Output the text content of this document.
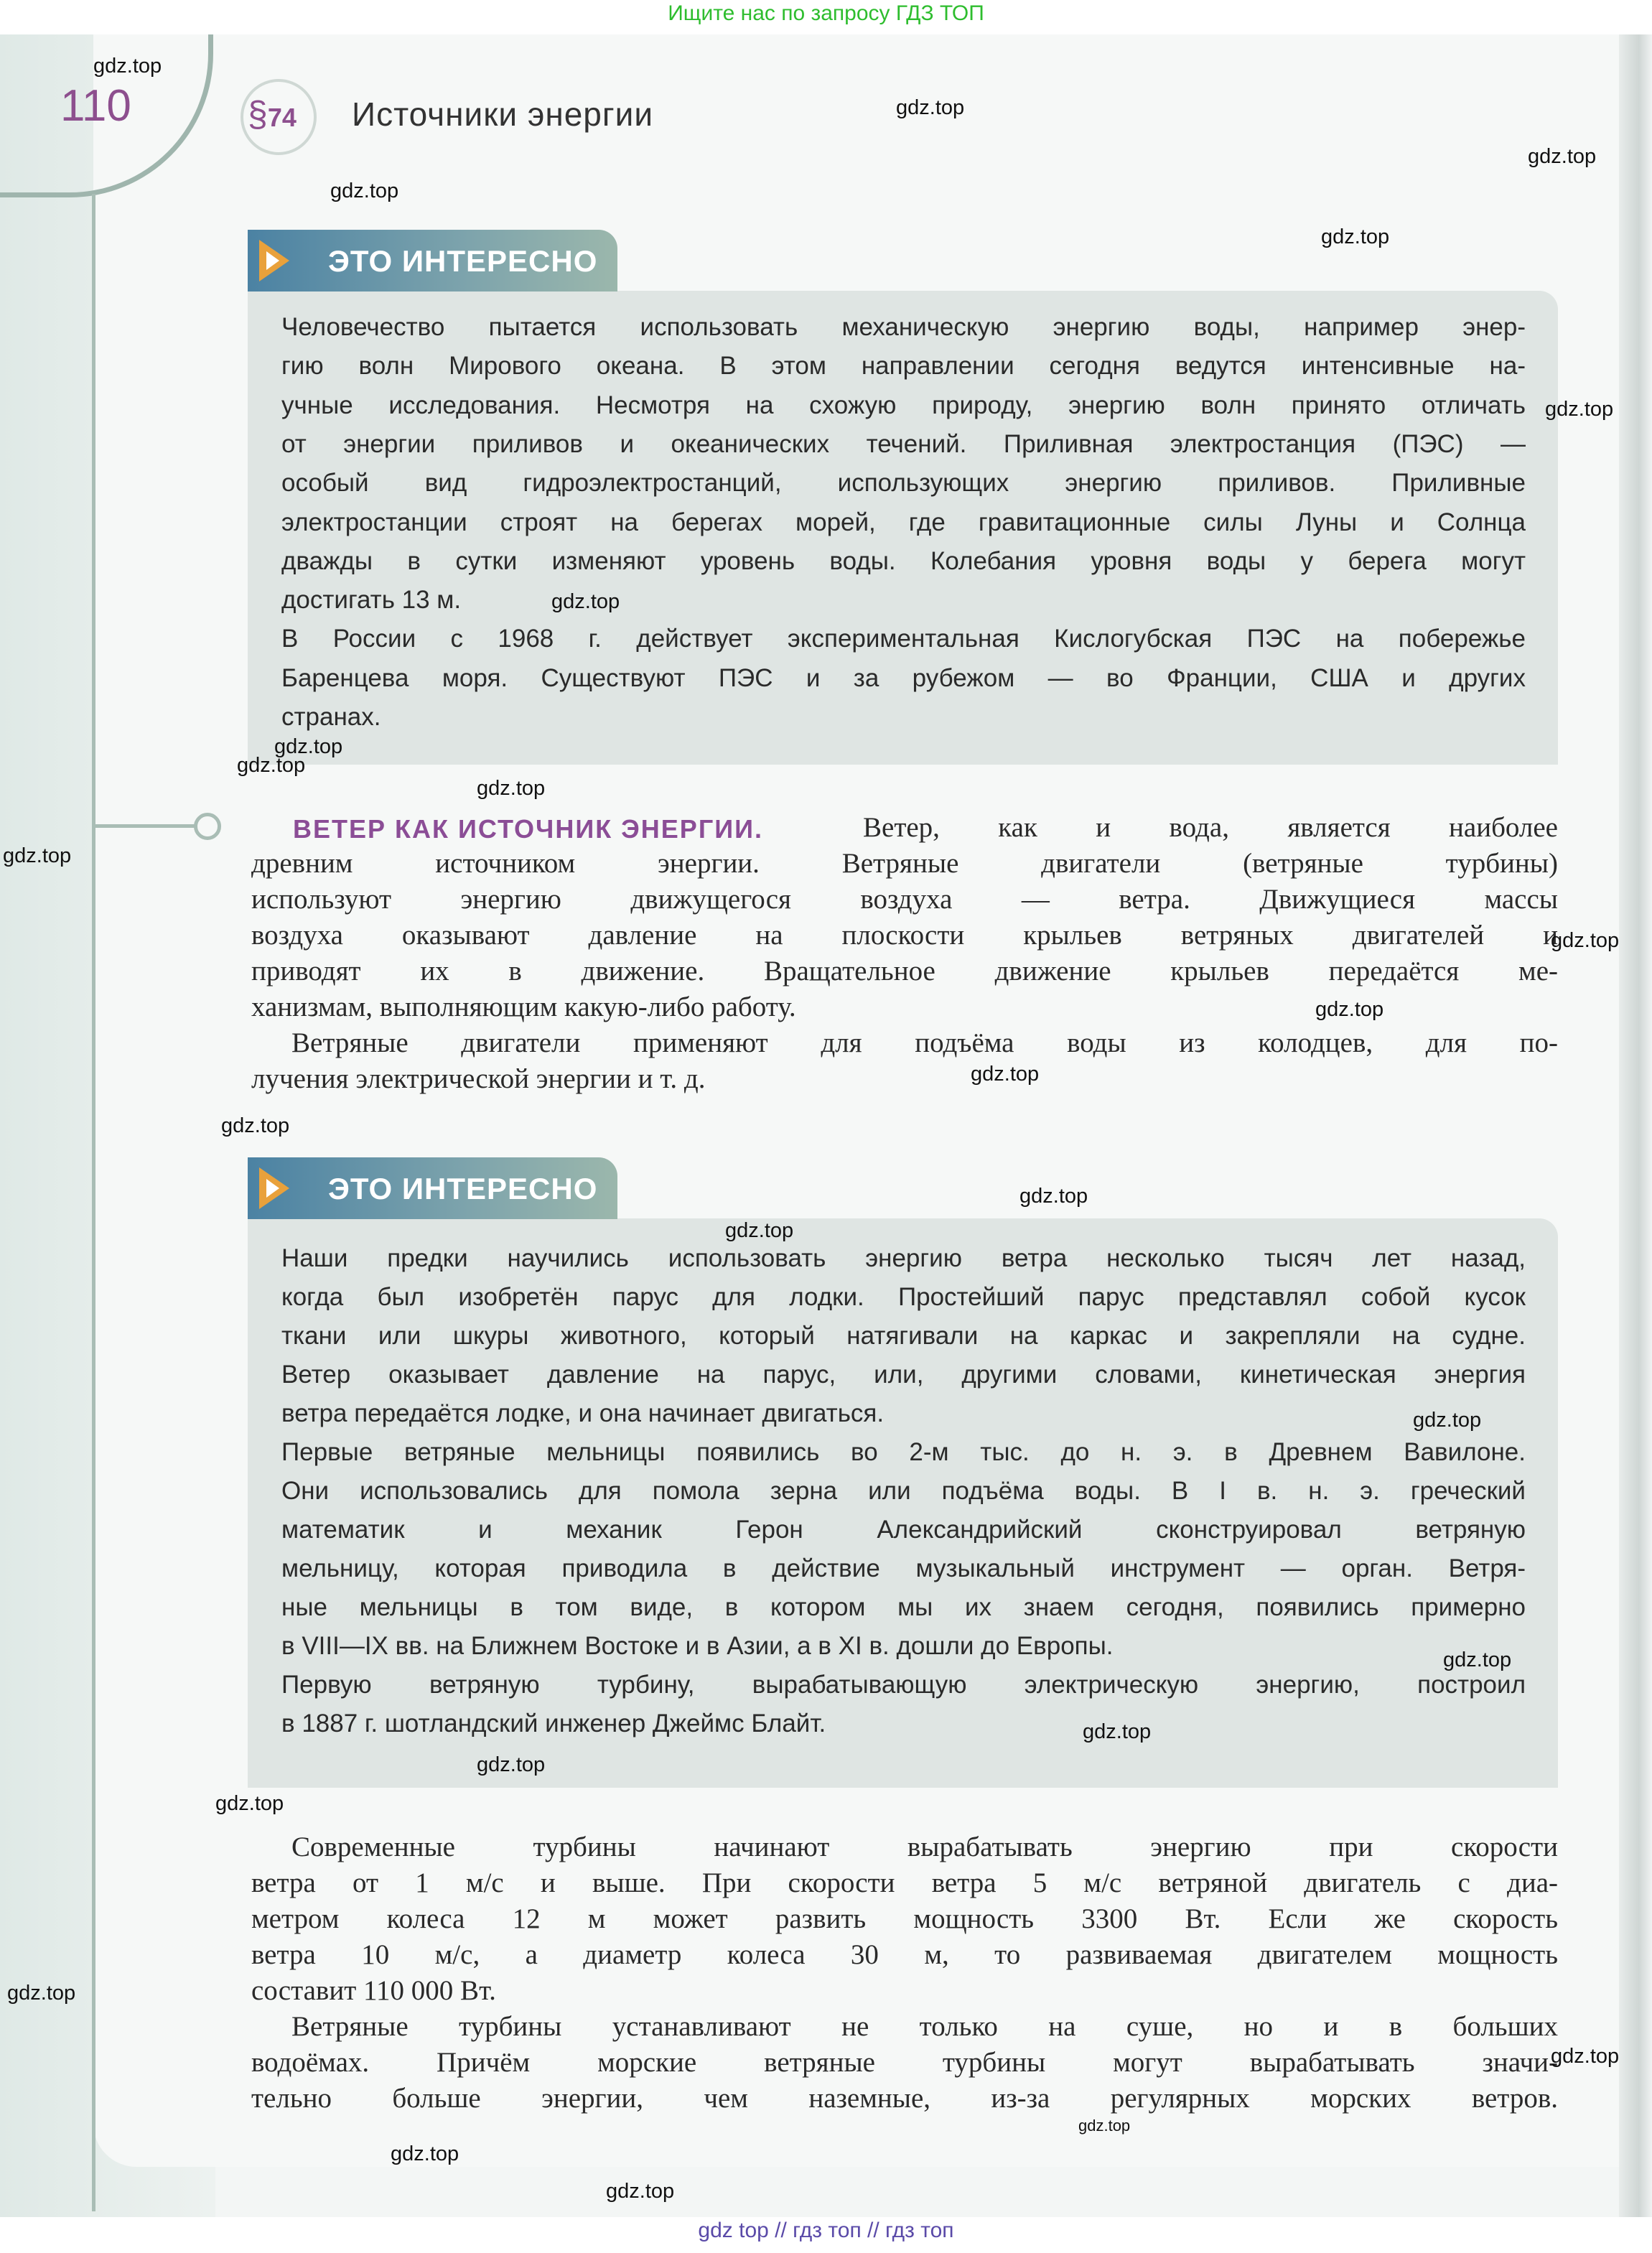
Ищите нас по запросу ГДЗ ТОП
110	§74 Источники энергии
ЭТО ИНТЕРЕСНО
ЭТО ИНТЕРЕСНО
Человечество пытается использовать механическую энергию воды, например энер-
гию волн Мирового океана. В этом направлении сегодня ведутся интенсивные на-
учные исследования. Несмотря на схожую природу, энергию волн принято отличать
от энергии приливов и океанических течений. Приливная электростанция (ПЭС) —
особый вид гидроэлектростанций, использующих энергию приливов. Приливные
электростанции строят на берегах морей, где гравитационные силы Луны и Солнца
дважды в сутки изменяют уровень воды. Колебания уровня воды у берега могут
достигать 13 м.
В России с 1968 г. действует экспериментальная Кислогубская ПЭС на побережье
Баренцева моря. Существуют ПЭС и за рубежом — во Франции, США и других
странах.
ВЕТЕР КАК ИСТОЧНИК ЭНЕРГИИ.	Ветер, как и вода, является наиболее
древним источником энергии. Ветряные двигатели (ветряные турбины)
используют энергию движущегося воздуха — ветра. Движущиеся массы
воздуха оказывают давление на плоскости крыльев ветряных двигателей и
приводят их в движение. Вращательное движение крыльев передаётся ме-
ханизмам, выполняющим какую-либо работу.
Ветряные двигатели применяют для подъёма воды из колодцев, для по-
лучения электрической энергии и т. д.
Наши предки научились использовать энергию ветра несколько тысяч лет назад,
когда был изобретён парус для лодки. Простейший парус представлял собой кусок
ткани или шкуры животного, который натягивали на каркас и закрепляли на судне.
Ветер оказывает давление на парус, или, другими словами, кинетическая энергия
ветра передаётся лодке, и она начинает двигаться.
Первые ветряные мельницы появились во 2-м тыс. до н. э. в Древнем Вавилоне.
Они использовались для помола зерна или подъёма воды. В I в. н. э. греческий
математик и механик Герон Александрийский сконструировал ветряную
мельницу, которая приводила в действие музыкальный инструмент — орган. Ветря-
ные мельницы в том виде, в котором мы их знаем сегодня, появились примерно
в VIII—IX вв. на Ближнем Востоке и в Азии, а в XI в. дошли до Европы.
Первую ветряную турбину, вырабатывающую электрическую энергию, построил
в 1887 г. шотландский инженер Джеймс Блайт.
Современные турбины начинают вырабатывать энергию при скорости
ветра от 1 м/с и выше. При скорости ветра 5 м/с ветряной двигатель с диа-
метром колеса 12 м может развить мощность 3300 Вт. Если же скорость
ветра 10 м/с, а диаметр колеса 30 м, то развиваемая двигателем мощность
составит 110 000 Вт.
Ветряные турбины устанавливают не только на суше, но и в больших
водоёмах. Причём морские ветряные турбины могут вырабатывать значи-
тельно больше энергии, чем наземные, из-за регулярных морских ветров.
gdz.top
gdz.top
gdz.top
gdz.top
gdz.top
gdz.top
gdz.top
gdz.top
gdz.top
gdz.top
gdz.top
gdz.top
gdz.top
gdz.top
gdz.top
gdz.top
gdz.top
gdz.top
gdz.top
gdz.top
gdz.top
gdz.top
gdz.top
gdz.top
gdz.top
gdz.top
gdz.top
gdz top // гдз топ // гдз топ
